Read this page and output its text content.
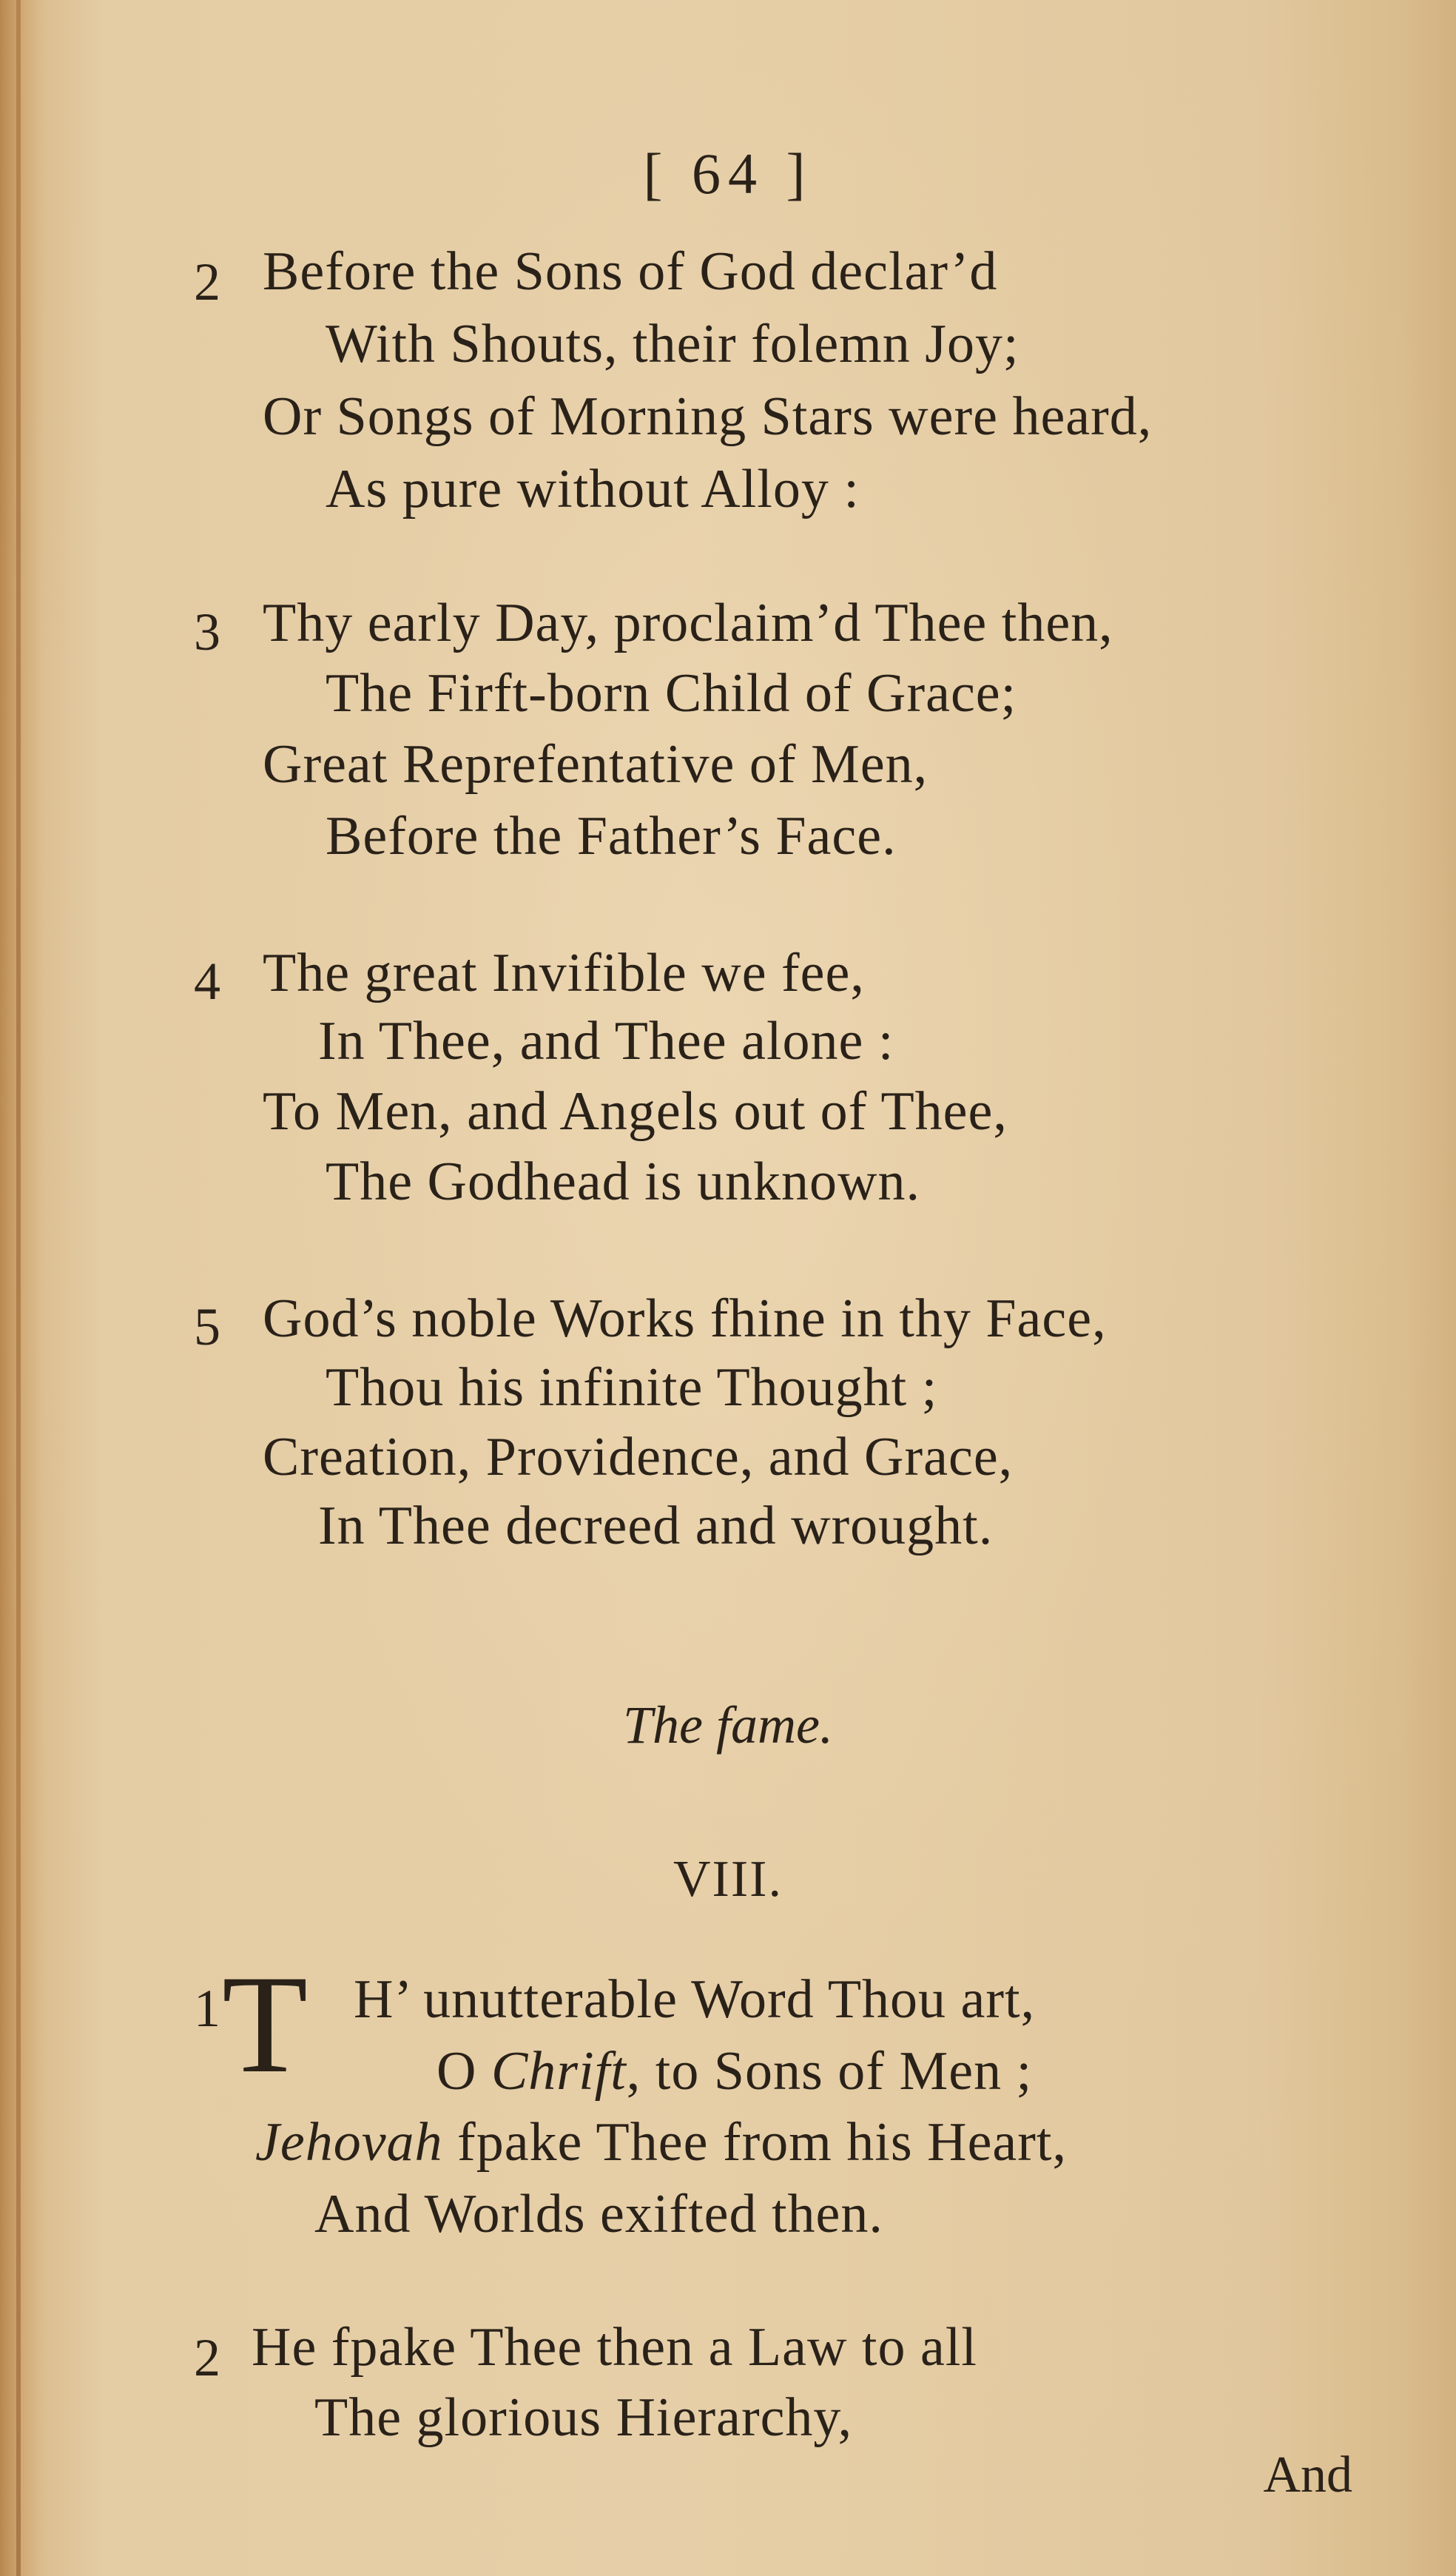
[ 64 ]
2 Before the Sons of God declar’d
With Shouts, their folemn Joy;
Or Songs of Morning Stars were heard,
As pure without Alloy :
3 Thy early Day, proclaim’d Thee then,
The Firft-born Child of Grace;
Great Reprefentative of Men,
Before the Father’s Face.
4 The great Invifible we fee,
In Thee, and Thee alone :
To Men, and Angels out of Thee,
The Godhead is unknown.
5 God’s noble Works fhine in thy Face,
Thou his infinite Thought ;
Creation, Providence, and Grace,
In Thee decreed and wrought.
The fame.
VIII.
1 T H’ unutterable Word Thou art,
O Chrift, to Sons of Men ;
Jehovah fpake Thee from his Heart,
And Worlds exifted then.
2 He fpake Thee then a Law to all
The glorious Hierarchy,
And
